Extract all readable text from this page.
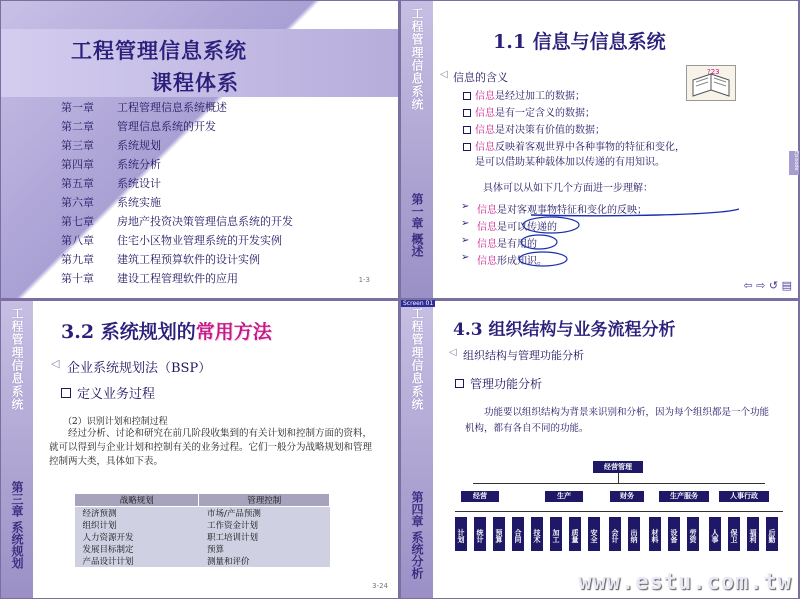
工程管理信息系统
课程体系
第一章 工程管理信息系统概述
第二章 管理信息系统的开发
第三章 系统规划
第四章 系统分析
第五章 系统设计
第六章 系统实施
第七章 房地产投资决策管理信息系统的开发
第八章 住宅小区物业管理系统的开发实例
第九章 建筑工程预算软件的设计实例
第十章 建设工程管理软件的应用	1-3
工程管理信息系统
第一章 概述
1.1 信息与信息系统
?23
◁ 信息的含义
信息是经过加工的数据；
信息是有一定含义的数据；
信息是对决策有价值的数据；
信息反映着客观世界中各种事物的特征和变化，
是可以借助某种载体加以传递的有用知识。
具体可以从如下几个方面进一步理解：
➢ 信息是对客观事物特征和变化的反映；
➢ 信息是可以传递的
➢ 信息是有用的
➢ 信息形成知识。
Episode
⇦ ⇨ ↺ ▤
工程管理信息系统
第三章 系统规划
3.2 系统规划的常用方法
◁ 企业系统规划法（BSP）
定义业务过程
（2）识别计划和控制过程
经过分析、讨论和研究在前几阶段收集到的有关计划和控制方面的资料，就可以得到与企业计划和控制有关的业务过程。它们一般分为战略规划和管理控制两大类，具体如下表。
战略规划	管理控制
经济预测	市场/产品预测
组织计划	工作资金计划
人力资源开发	职工培训计划
发展目标制定	预算
产品设计计划	测量和评价
3-24
工程管理信息系统
第四章 系统分析
4.3 组织结构与业务流程分析
◁ 组织结构与管理功能分析
管理功能分析
功能要以组织结构为背景来识别和分析，因为每个组织都是一个功能机构，都有各自不同的功能。
经营管理
经营	生产	财务	生产服务	人事行政
计划 统计 预算 合同 技术 加工 质量 安全 会计 出纳 材料 设备 劳资 人事 保卫 福利 后勤
Screen 01
www.estu.com.tw
